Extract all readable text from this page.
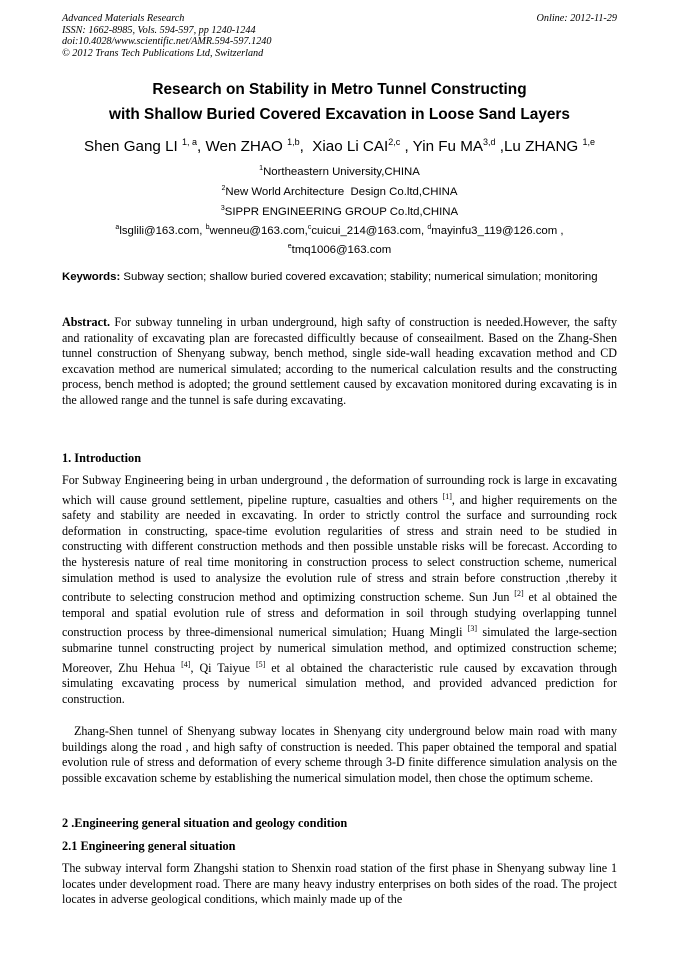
Advanced Materials Research
ISSN: 1662-8985, Vols. 594-597, pp 1240-1244
doi:10.4028/www.scientific.net/AMR.594-597.1240
© 2012 Trans Tech Publications Ltd, Switzerland
Online: 2012-11-29
Research on Stability in Metro Tunnel Constructing
with Shallow Buried Covered Excavation in Loose Sand Layers
Shen Gang LI $^{1, a}$, Wen ZHAO $^{1,b}$,  Xiao Li CAI$^{2,c}$ , Yin Fu MA$^{3,d}$ ,Lu ZHANG $^{1,e}$
$^1$Northeastern University,CHINA
$^2$New World Architecture  Design Co.ltd,CHINA
$^3$SIPPR ENGINEERING GROUP Co.ltd,CHINA
$^a$lsglili@163.com, $^b$wenneu@163.com,$^c$cuicui_214@163.com, $^d$mayinfu3_119@126.com ,
$^e$tmq1006@163.com
Keywords: Subway section; shallow buried covered excavation; stability; numerical simulation; monitoring
Abstract. For subway tunneling in urban underground, high safty of construction is needed.However, the safty and rationality of excavating plan are forecasted difficultly because of conseailment. Based on the Zhang-Shen tunnel construction of Shenyang subway, bench method, single side-wall heading excavation method and CD excavation method are numerical simulated; according to the numerical calculation results and the constructing process, bench method is adopted; the ground settlement caused by excavation monitored during excavating is in the allowed range and the tunnel is safe during excavating.
1. Introduction
For Subway Engineering being in urban underground , the deformation of surrounding rock is large in excavating which will cause ground settlement, pipeline rupture, casualties and others [1], and higher requirements on the safety and stability are needed in excavating. In order to strictly control the surface and surrounding rock deformation in constructing, space-time evolution regularities of stress and strain need to be studied in constructing with different construction methods and then possible unstable risks will be forecast. According to the hysteresis nature of real time monitoring in construction process to select construction scheme, numerical simulation method is used to analysize the evolution rule of stress and strain before construction ,thereby it contribute to selecting construcion method and optimizing construction scheme. Sun Jun [2] et al obtained the temporal and spatial evolution rule of stress and deformation in soil through studying overlapping tunnel construction process by three-dimensional numerical simulation; Huang Mingli [3] simulated the large-section submarine tunnel constructing project by numerical simulation method, and optimized construction scheme; Moreover, Zhu Hehua [4], Qi Taiyue [5] et al obtained the characteristic rule caused by excavation through simulating excavating process by numerical simulation method, and provided advanced prediction for construction.
Zhang-Shen tunnel of Shenyang subway locates in Shenyang city underground below main road with many buildings along the road , and high safty of construction is needed. This paper obtained the temporal and spatial evolution rule of stress and deformation of every scheme through 3-D finite difference simulation analysis on the possible excavation scheme by establishing the numerical simulation model, then chose the optimum scheme.
2 .Engineering general situation and geology condition
2.1 Engineering general situation
The subway interval form Zhangshi station to Shenxin road station of the first phase in Shenyang subway line 1 locates under development road. There are many heavy industry enterprises on both sides of the road. The project locates in adverse geological conditions, which mainly made up of the
